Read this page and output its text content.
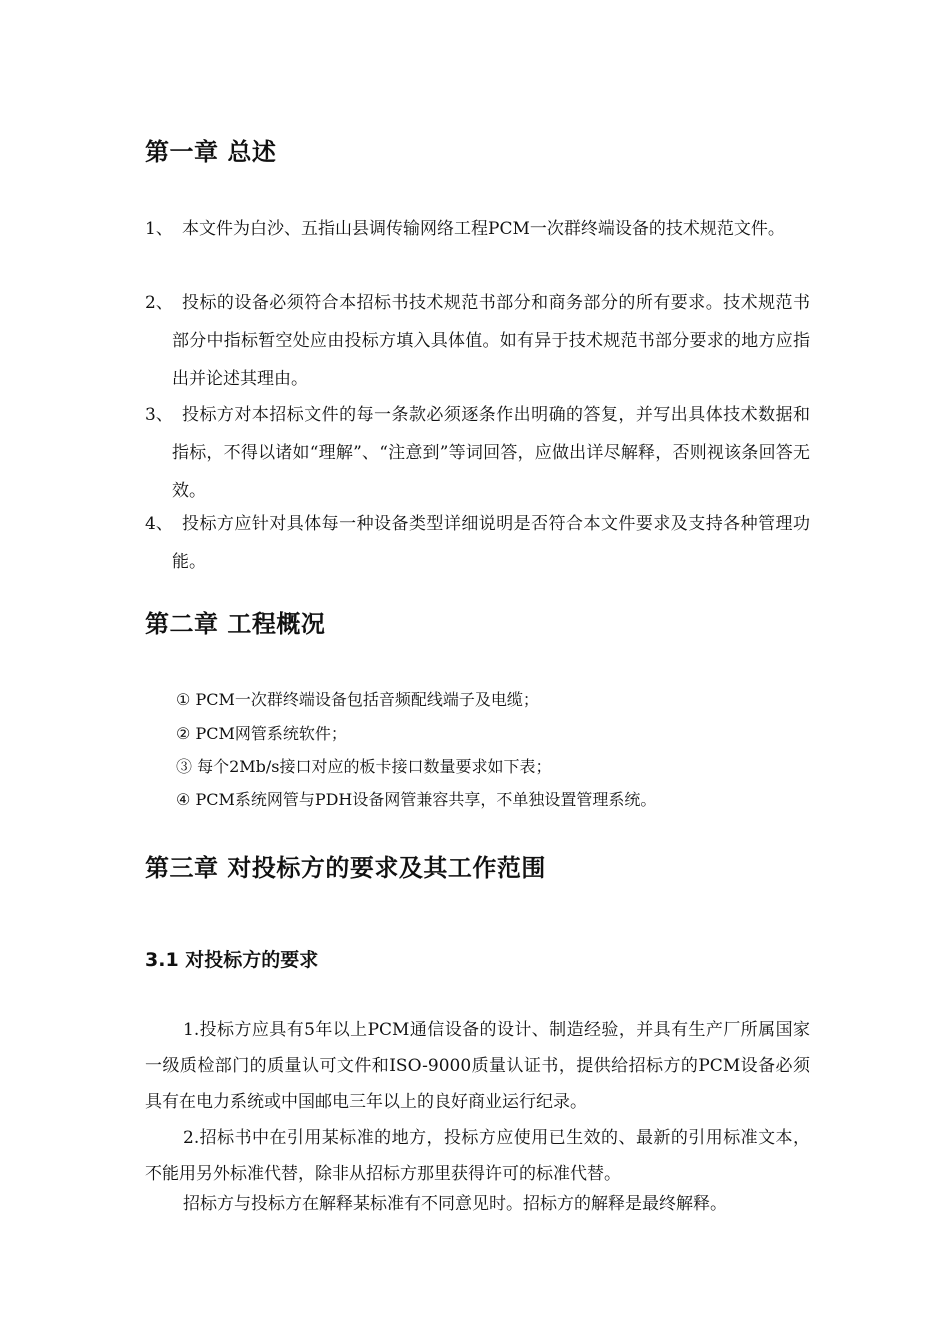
第一章 总述
1、 本文件为白沙、五指山县调传输网络工程PCM一次群终端设备的技术规范文件。
2、 投标的设备必须符合本招标书技术规范书部分和商务部分的所有要求。技术规范书部分中指标暂空处应由投标方填入具体值。如有异于技术规范书部分要求的地方应指出并论述其理由。
3、 投标方对本招标文件的每一条款必须逐条作出明确的答复，并写出具体技术数据和指标，不得以诸如“理解”、“注意到”等词回答，应做出详尽解释，否则视该条回答无效。
4、 投标方应针对具体每一种设备类型详细说明是否符合本文件要求及支持各种管理功能。
第二章 工程概况
① PCM一次群终端设备包括音频配线端子及电缆；
② PCM网管系统软件；
③ 每个2Mb/s接口对应的板卡接口数量要求如下表；
④ PCM系统网管与PDH设备网管兼容共享，不单独设置管理系统。
第三章 对投标方的要求及其工作范围
3.1 对投标方的要求

1.投标方应具有5年以上PCM通信设备的设计、制造经验，并具有生产厂所属国家一级质检部门的质量认可文件和ISO-9000质量认证书，提供给招标方的PCM设备必须具有在电力系统或中国邮电三年以上的良好商业运行纪录。

2.招标书中在引用某标准的地方，投标方应使用已生效的、最新的引用标准文本，不能用另外标准代替，除非从招标方那里获得许可的标准代替。

招标方与投标方在解释某标准有不同意见时。招标方的解释是最终解释。
